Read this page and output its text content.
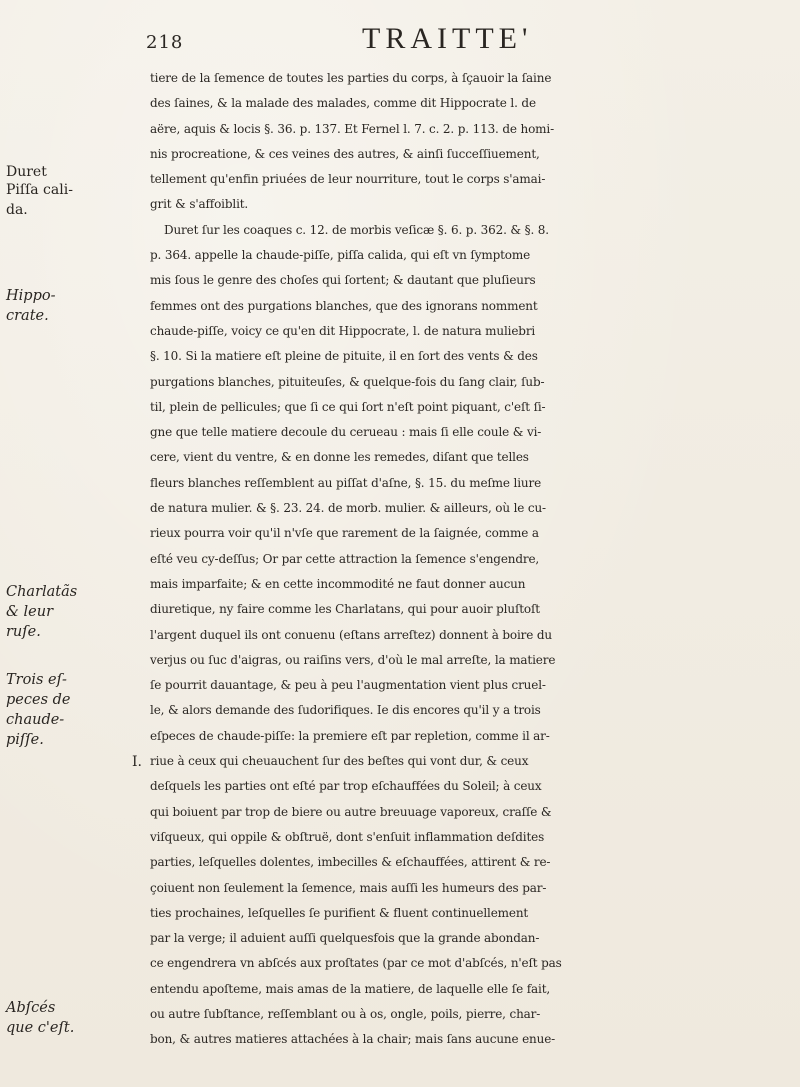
218	TRAITTE'
Duret
Piſſa cali-
da.
Hippo-
crate.
Charlatãs
& leur
ruſe.
Trois eſ-
peces de
chaude-
piſſe.
I.
Abſcés
que c'eſt.
tiere de la ſemence de toutes les parties du corps, à ſçauoir la ſaine
des ſaines, & la malade des malades, comme dit Hippocrate l. de
aëre, aquis & locis §. 36. p. 137. Et Fernel l. 7. c. 2. p. 113. de homi-
nis procreatione, & ces veines des autres, & ainſi ſucceſſiuement,
tellement qu'enfin priuées de leur nourriture, tout le corps s'amai-
grit & s'affoiblit.
Duret ſur les coaques c. 12. de morbis veſicæ §. 6. p. 362. & §. 8.
p. 364. appelle la chaude-piſſe, piſſa calida, qui eſt vn ſymptome
mis ſous le genre des choſes qui ſortent; & dautant que pluſieurs
femmes ont des purgations blanches, que des ignorans nomment
chaude-piſſe, voicy ce qu'en dit Hippocrate, l. de natura muliebri
§. 10. Si la matiere eſt pleine de pituite, il en ſort des vents & des
purgations blanches, pituiteuſes, & quelque-fois du ſang clair, ſub-
til, plein de pellicules; que ſi ce qui ſort n'eſt point piquant, c'eſt ſi-
gne que telle matiere decoule du cerueau : mais ſi elle coule & vi-
cere, vient du ventre, & en donne les remedes, diſant que telles
fleurs blanches reſſemblent au piſſat d'aſne, §. 15. du meſme liure
de natura mulier. & §. 23. 24. de morb. mulier. & ailleurs, où le cu-
rieux pourra voir qu'il n'vſe que rarement de la ſaignée, comme a
eſté veu cy-deſſus; Or par cette attraction la ſemence s'engendre,
mais imparfaite; & en cette incommodité ne faut donner aucun
diuretique, ny faire comme les Charlatans, qui pour auoir pluſtoſt
l'argent duquel ils ont conuenu (eſtans arreſtez) donnent à boire du
verjus ou ſuc d'aigras, ou raiſins vers, d'où le mal arreſte, la matiere
ſe pourrit dauantage, & peu à peu l'augmentation vient plus cruel-
le, & alors demande des ſudorifiques. Ie dis encores qu'il y a trois
eſpeces de chaude-piſſe: la premiere eſt par repletion, comme il ar-
riue à ceux qui cheuauchent ſur des beſtes qui vont dur, & ceux
deſquels les parties ont eſté par trop eſchauffées du Soleil; à ceux
qui boiuent par trop de biere ou autre breuuage vaporeux, craſſe &
viſqueux, qui oppile & obſtruë, dont s'enſuit inflammation deſdites
parties, leſquelles dolentes, imbecilles & eſchauffées, attirent & re-
çoiuent non ſeulement la ſemence, mais auſſi les humeurs des par-
ties prochaines, leſquelles ſe purifient & fluent continuellement
par la verge; il aduient auſſi quelquesfois que la grande abondan-
ce engendrera vn abſcés aux proſtates (par ce mot d'abſcés, n'eſt pas
entendu apoſteme, mais amas de la matiere, de laquelle elle ſe fait,
ou autre ſubſtance, reſſemblant ou à os, ongle, poils, pierre, char-
bon, & autres matieres attachées à la chair; mais ſans aucune enue-
